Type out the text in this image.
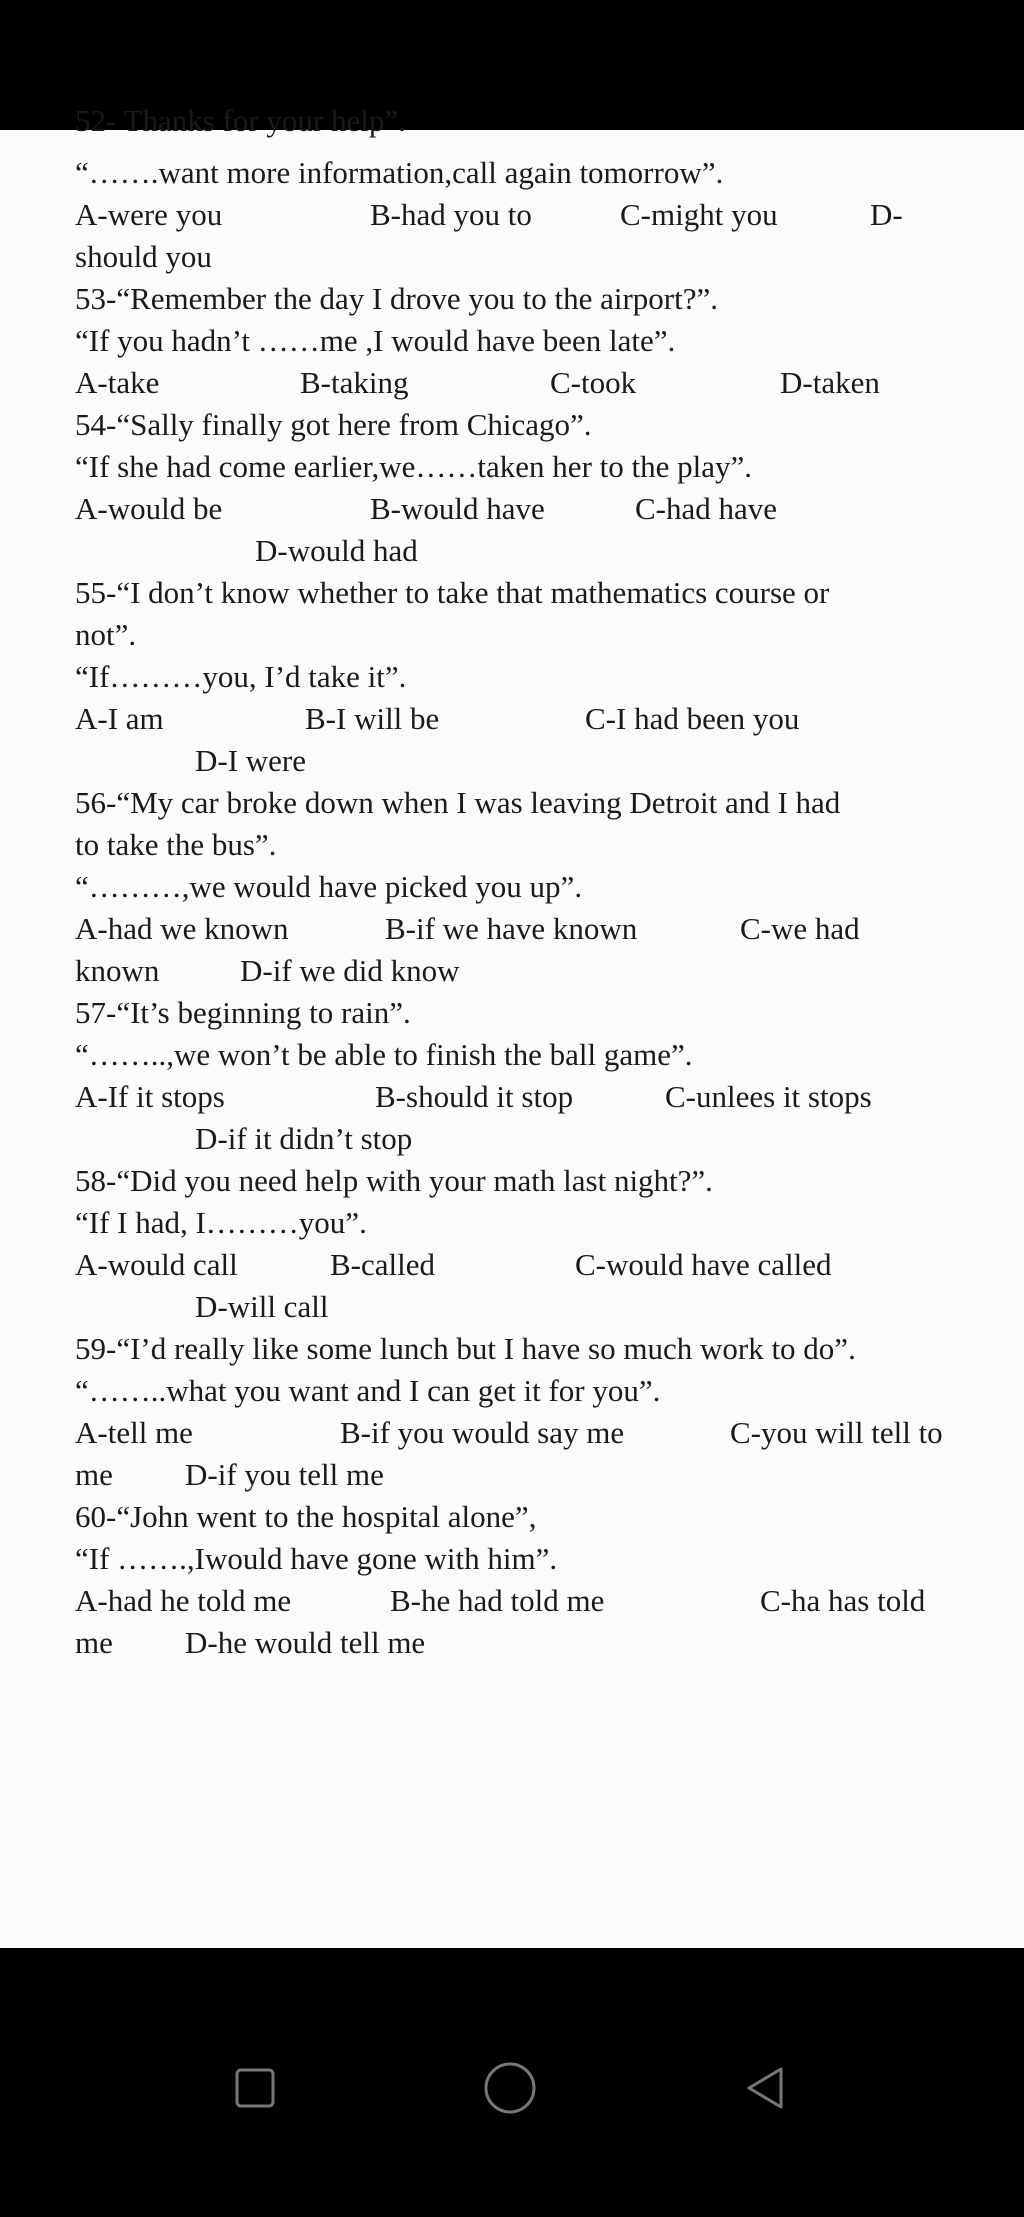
52- Thanks for your help”.
“…….want more information,call again tomorrow”.
A-were you	B-had you to	C-might you	D-
should you
53-“Remember the day I drove you to the airport?”.
“If you hadn’t ……me ,I would have been late”.
A-take	B-taking	C-took	D-taken
54-“Sally finally got here from Chicago”.
“If she had come earlier,we……taken her to the play”.
A-would be	B-would have	C-had have
D-would had
55-“I don’t know whether to take that mathematics course or
not”.
“If………you, I’d take it”.
A-I am	B-I will be	C-I had been you
D-I were
56-“My car broke down when I was leaving Detroit and I had
to take the bus”.
“………,we would have picked you up”.
A-had we known	B-if we have known	C-we had
known	D-if we did know
57-“It’s beginning to rain”.
“……..,we won’t be able to finish the ball game”.
A-If it stops	B-should it stop	C-unlees it stops
D-if it didn’t stop
58-“Did you need help with your math last night?”.
“If I had, I………you”.
A-would call	B-called	C-would have called
D-will call
59-“I’d really like some lunch but I have so much work to do”.
“……..what you want and I can get it for you”.
A-tell me	B-if you would say me	C-you will tell to
me D-if you tell me
60-“John went to the hospital alone”,
“If …….,Iwould have gone with him”.
A-had he told me	B-he had told me	C-ha has told
me D-he would tell me
